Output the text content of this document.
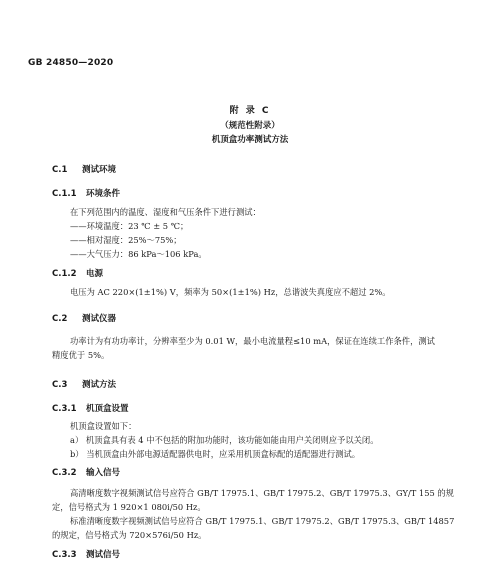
GB 24850—2020
附 录 C
（规范性附录）
机顶盒功率测试方法
C.1 测试环境
C.1.1 环境条件
在下列范围内的温度、湿度和气压条件下进行测试：
——环境温度：23 ℃ ± 5 ℃；
——相对湿度：25%～75%；
——大气压力：86 kPa～106 kPa。
C.1.2 电源
电压为 AC 220×(1±1%) V，频率为 50×(1±1%) Hz，总谐波失真度应不超过 2%。
C.2 测试仪器
功率计为有功功率计，分辨率至少为 0.01 W，最小电流量程≤10 mA，保证在连续工作条件，测试
精度优于 5%。
C.3 测试方法
C.3.1 机顶盒设置
机顶盒设置如下：
a） 机顶盒具有表 4 中不包括的附加功能时，该功能如能由用户关闭则应予以关闭。
b） 当机顶盒由外部电源适配器供电时，应采用机顶盒标配的适配器进行测试。
C.3.2 输入信号
高清晰度数字视频测试信号应符合 GB/T 17975.1、GB/T 17975.2、GB/T 17975.3、GY/T 155 的规
定，信号格式为 1 920×1 080i/50 Hz。
标准清晰度数字视频测试信号应符合 GB/T 17975.1、GB/T 17975.2、GB/T 17975.3、GB/T 14857
的规定，信号格式为 720×576i/50 Hz。
C.3.3 测试信号
